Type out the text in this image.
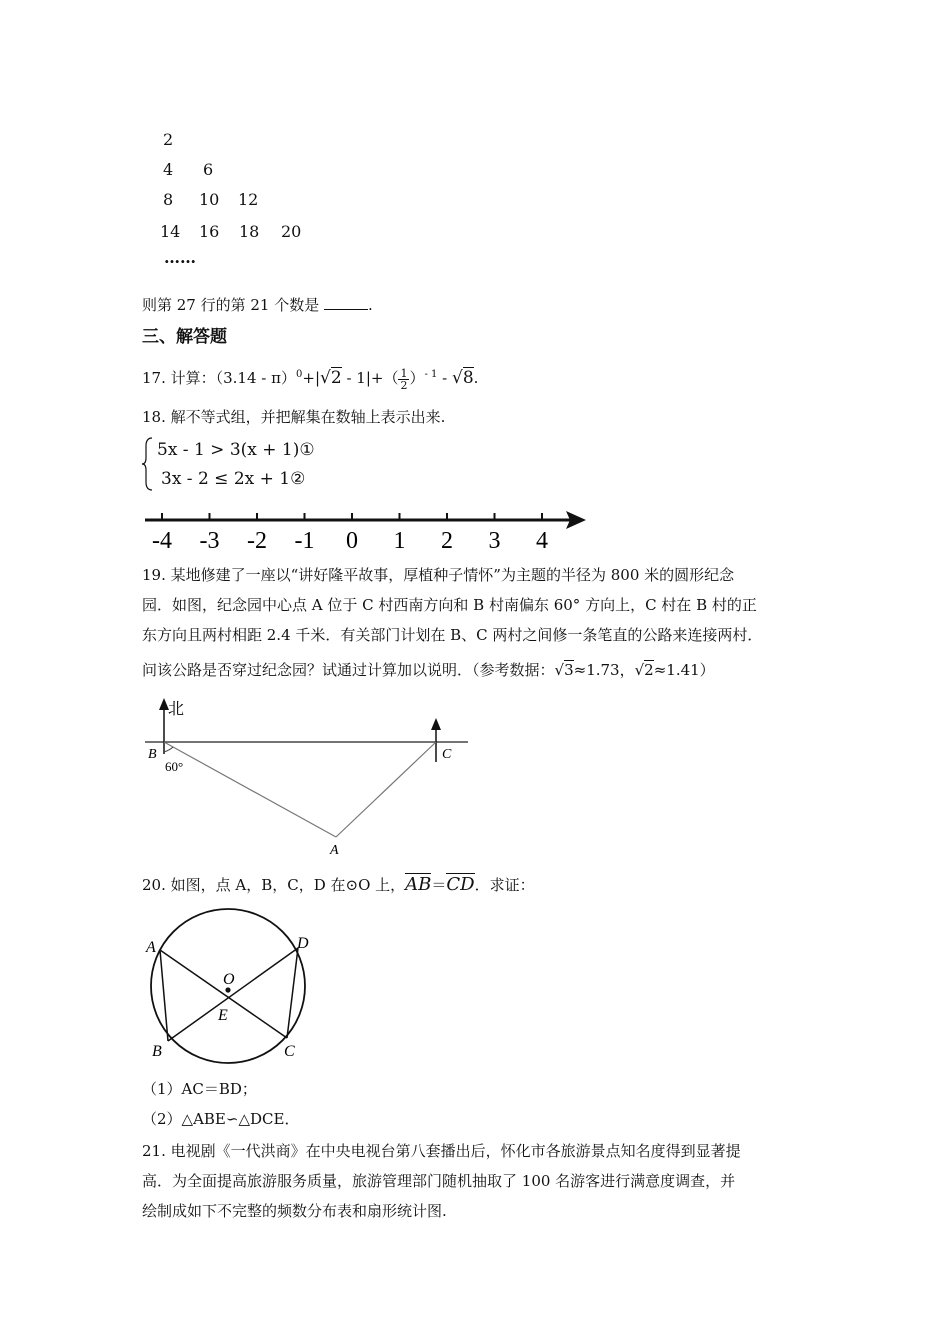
2
4 6
8 10 12
14 16 18 20
……
则第 27 行的第 21 个数是	.
三、解答题
17. 计算：$(3.14 - \pi)^0+|√2 - 1|+( \frac{1}{2} )^{- 1} - √8$.
18. 解不等式组，并把解集在数轴上表示出来.
5x - 1 > 3(x + 1)①
3x - 2 ≤ 2x + 1②
-4 -3 -2 -1 0 1 2 3 4
19. 某地修建了一座以“讲好隆平故事，厚植种子情怀”为主题的半径为 800 米的圆形纪念
园．如图，纪念园中心点 A 位于 C 村西南方向和 B 村南偏东 60° 方向上，C 村在 B 村的正
东方向且两村相距 2.4 千米．有关部门计划在 B、C 两村之间修一条笔直的公路来连接两村．
问该公路是否穿过纪念园？试通过计算加以说明．（参考数据：√3≈1.73，√2≈1.41）
北
B
60°
C
A
20. 如图，点 A，B，C，D 在⊙O 上，AB＝CD．求证：
A	D
B	C
O
E
（1）AC＝BD；
（2）△ABE∽△DCE．
21. 电视剧《一代洪商》在中央电视台第八套播出后，怀化市各旅游景点知名度得到显著提
高．为全面提高旅游服务质量，旅游管理部门随机抽取了 100 名游客进行满意度调查，并
绘制成如下不完整的频数分布表和扇形统计图.
